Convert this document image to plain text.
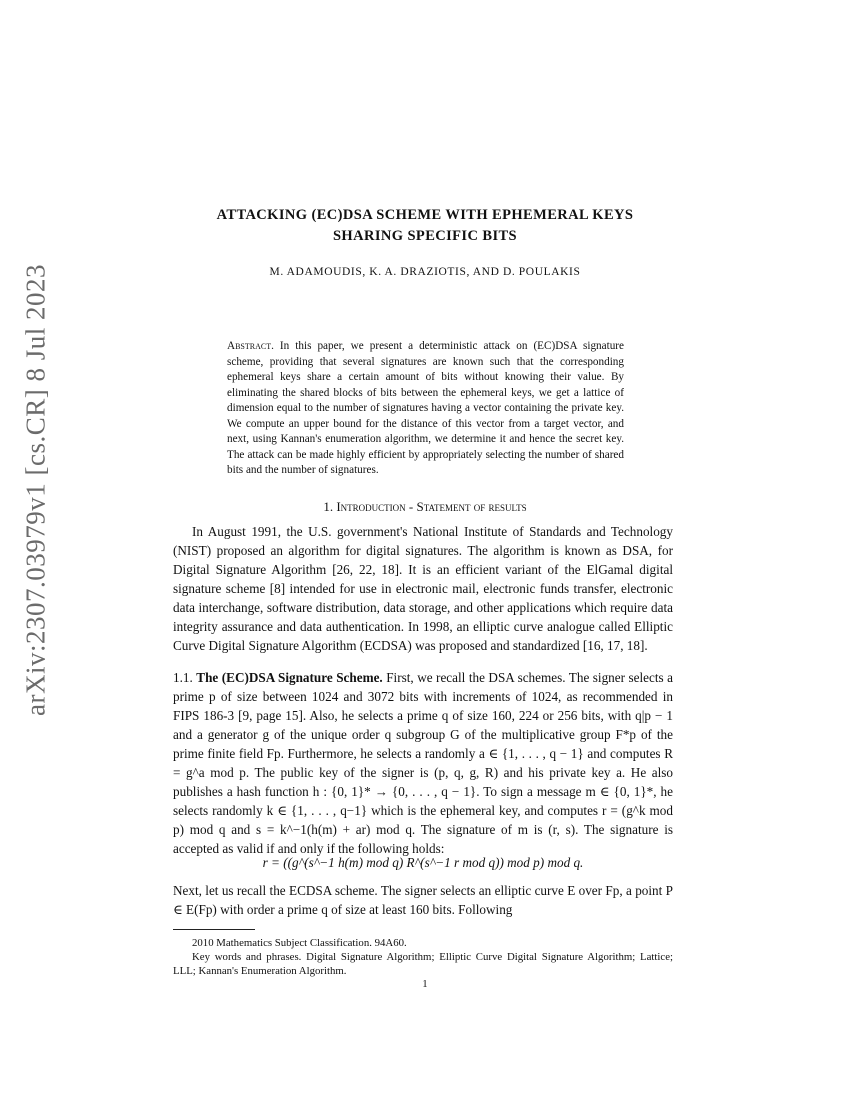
arXiv:2307.03979v1 [cs.CR] 8 Jul 2023
ATTACKING (EC)DSA SCHEME WITH EPHEMERAL KEYS
SHARING SPECIFIC BITS
M. ADAMOUDIS, K. A. DRAZIOTIS, AND D. POULAKIS
Abstract. In this paper, we present a deterministic attack on (EC)DSA signature scheme, providing that several signatures are known such that the corresponding ephemeral keys share a certain amount of bits without knowing their value. By eliminating the shared blocks of bits between the ephemeral keys, we get a lattice of dimension equal to the number of signatures having a vector containing the private key. We compute an upper bound for the distance of this vector from a target vector, and next, using Kannan's enumeration algorithm, we determine it and hence the secret key. The attack can be made highly efficient by appropriately selecting the number of shared bits and the number of signatures.
1. Introduction - Statement of results

In August 1991, the U.S. government's National Institute of Standards and Technology (NIST) proposed an algorithm for digital signatures. The algorithm is known as DSA, for Digital Signature Algorithm [26, 22, 18]. It is an efficient variant of the ElGamal digital signature scheme [8] intended for use in electronic mail, electronic funds transfer, electronic data interchange, software distribution, data storage, and other applications which require data integrity assurance and data authentication. In 1998, an elliptic curve analogue called Elliptic Curve Digital Signature Algorithm (ECDSA) was proposed and standardized [16, 17, 18].

1.1. The (EC)DSA Signature Scheme. First, we recall the DSA schemes. The signer selects a prime p of size between 1024 and 3072 bits with increments of 1024, as recommended in FIPS 186-3 [9, page 15]. Also, he selects a prime q of size 160, 224 or 256 bits, with q|p − 1 and a generator g of the unique order q subgroup G of the multiplicative group F*p of the prime finite field Fp. Furthermore, he selects a randomly a ∈ {1, . . . , q − 1} and computes R = g^a mod p. The public key of the signer is (p, q, g, R) and his private key a. He also publishes a hash function h : {0, 1}* → {0, . . . , q − 1}. To sign a message m ∈ {0, 1}*, he selects randomly k ∈ {1, . . . , q−1} which is the ephemeral key, and computes r = (g^k mod p) mod q and s = k^−1(h(m) + ar) mod q. The signature of m is (r, s). The signature is accepted as valid if and only if the following holds:

r = ((g^(s^−1 h(m) mod q) R^(s^−1 r mod q)) mod p) mod q.

Next, let us recall the ECDSA scheme. The signer selects an elliptic curve E over Fp, a point P ∈ E(Fp) with order a prime q of size at least 160 bits. Following

2010 Mathematics Subject Classification. 94A60.

Key words and phrases. Digital Signature Algorithm; Elliptic Curve Digital Signature Algorithm; Lattice; LLL; Kannan's Enumeration Algorithm.

1
